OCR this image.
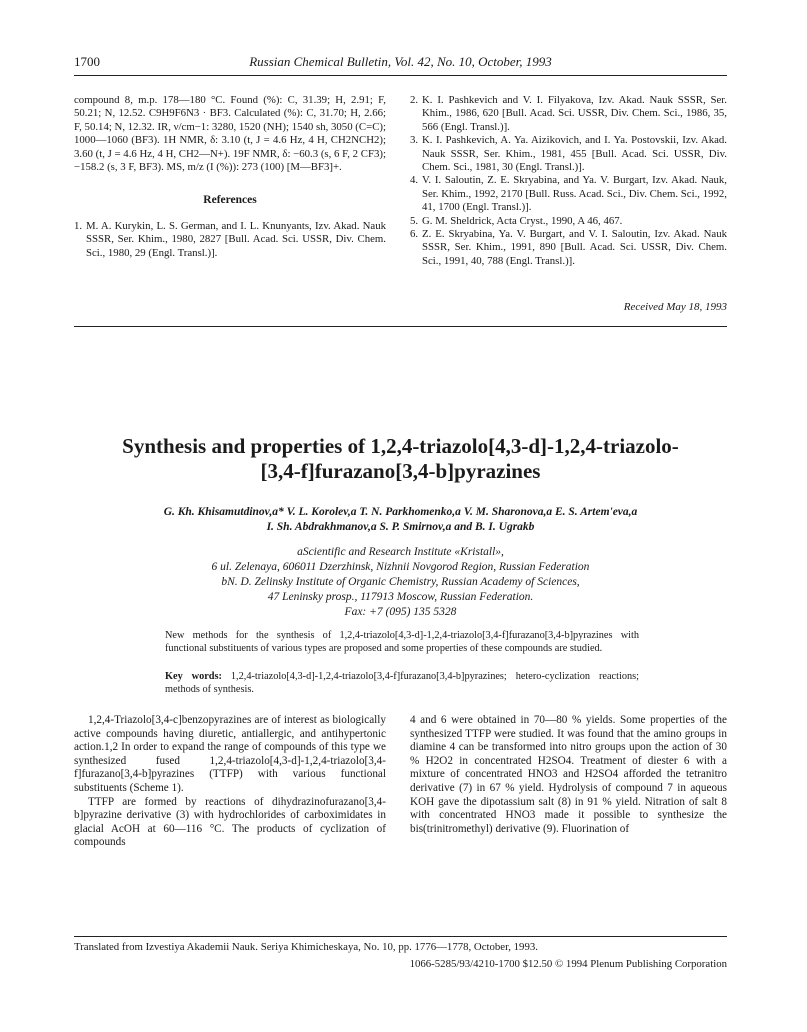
1700	Russian Chemical Bulletin, Vol. 42, No. 10, October, 1993

compound 8, m.p. 178—180 °C. Found (%): C, 31.39; H, 2.91; F, 50.21; N, 12.52. C9H9F6N3 · BF3. Calculated (%): C, 31.70; H, 2.66; F, 50.14; N, 12.32. IR, ν/cm−1: 3280, 1520 (NH); 1540 sh, 3050 (C=C); 1000—1060 (BF3). 1H NMR, δ: 3.10 (t, J = 4.6 Hz, 4 H, CH2NCH2); 3.60 (t, J = 4.6 Hz, 4 H, CH2—N+). 19F NMR, δ: −60.3 (s, 6 F, 2 CF3); −158.2 (s, 3 F, BF3). MS, m/z (I (%)): 273 (100) [M—BF3]+.

References
1. M. A. Kurykin, L. S. German, and I. L. Knunyants, Izv. Akad. Nauk SSSR, Ser. Khim., 1980, 2827 [Bull. Acad. Sci. USSR, Div. Chem. Sci., 1980, 29 (Engl. Transl.)].
2. K. I. Pashkevich and V. I. Filyakova, Izv. Akad. Nauk SSSR, Ser. Khim., 1986, 620 [Bull. Acad. Sci. USSR, Div. Chem. Sci., 1986, 35, 566 (Engl. Transl.)].
3. K. I. Pashkevich, A. Ya. Aizikovich, and I. Ya. Postovskii, Izv. Akad. Nauk SSSR, Ser. Khim., 1981, 455 [Bull. Acad. Sci. USSR, Div. Chem. Sci., 1981, 30 (Engl. Transl.)].
4. V. I. Saloutin, Z. E. Skryabina, and Ya. V. Burgart, Izv. Akad. Nauk, Ser. Khim., 1992, 2170 [Bull. Russ. Acad. Sci., Div. Chem. Sci., 1992, 41, 1700 (Engl. Transl.)].
5. G. M. Sheldrick, Acta Cryst., 1990, A 46, 467.
6. Z. E. Skryabina, Ya. V. Burgart, and V. I. Saloutin, Izv. Akad. Nauk SSSR, Ser. Khim., 1991, 890 [Bull. Acad. Sci. USSR, Div. Chem. Sci., 1991, 40, 788 (Engl. Transl.)].
Received May 18, 1993
Synthesis and properties of 1,2,4-triazolo[4,3-d]-1,2,4-triazolo-
[3,4-f]furazano[3,4-b]pyrazines
G. Kh. Khisamutdinov,a* V. L. Korolev,a T. N. Parkhomenko,a V. M. Sharonova,a E. S. Artem'eva,a
I. Sh. Abdrakhmanov,a S. P. Smirnov,a and B. I. Ugrakb
aScientific and Research Institute «Kristall»,
6 ul. Zelenaya, 606011 Dzerzhinsk, Nizhnii Novgorod Region, Russian Federation
bN. D. Zelinsky Institute of Organic Chemistry, Russian Academy of Sciences,
47 Leninsky prosp., 117913 Moscow, Russian Federation.
Fax: +7 (095) 135 5328
New methods for the synthesis of 1,2,4-triazolo[4,3-d]-1,2,4-triazolo[3,4-f]furazano[3,4-b]pyrazines with functional substituents of various types are proposed and some properties of these compounds are studied.
Key words: 1,2,4-triazolo[4,3-d]-1,2,4-triazolo[3,4-f]furazano[3,4-b]pyrazines; hetero-cyclization reactions; methods of synthesis.

1,2,4-Triazolo[3,4-c]benzopyrazines are of interest as biologically active compounds having diuretic, antiallergic, and antihypertonic action.1,2 In order to expand the range of compounds of this type we synthesized fused 1,2,4-triazolo[4,3-d]-1,2,4-triazolo[3,4-f]furazano[3,4-b]pyrazines (TTFP) with various functional substituents (Scheme 1).

TTFP are formed by reactions of dihydrazinofurazano[3,4-b]pyrazine derivative (3) with hydrochlorides of carboximidates in glacial AcOH at 60—116 °C. The products of cyclization of compounds

4 and 6 were obtained in 70—80 % yields. Some properties of the synthesized TTFP were studied. It was found that the amino groups in diamine 4 can be transformed into nitro groups upon the action of 30 % H2O2 in concentrated H2SO4. Treatment of diester 6 with a mixture of concentrated HNO3 and H2SO4 afforded the tetranitro derivative (7) in 67 % yield. Hydrolysis of compound 7 in aqueous KOH gave the dipotassium salt (8) in 91 % yield. Nitration of salt 8 with concentrated HNO3 made it possible to synthesize the bis(trinitromethyl) derivative (9). Fluorination of

Translated from Izvestiya Akademii Nauk. Seriya Khimicheskaya, No. 10, pp. 1776—1778, October, 1993.
1066-5285/93/4210-1700 $12.50 © 1994 Plenum Publishing Corporation
